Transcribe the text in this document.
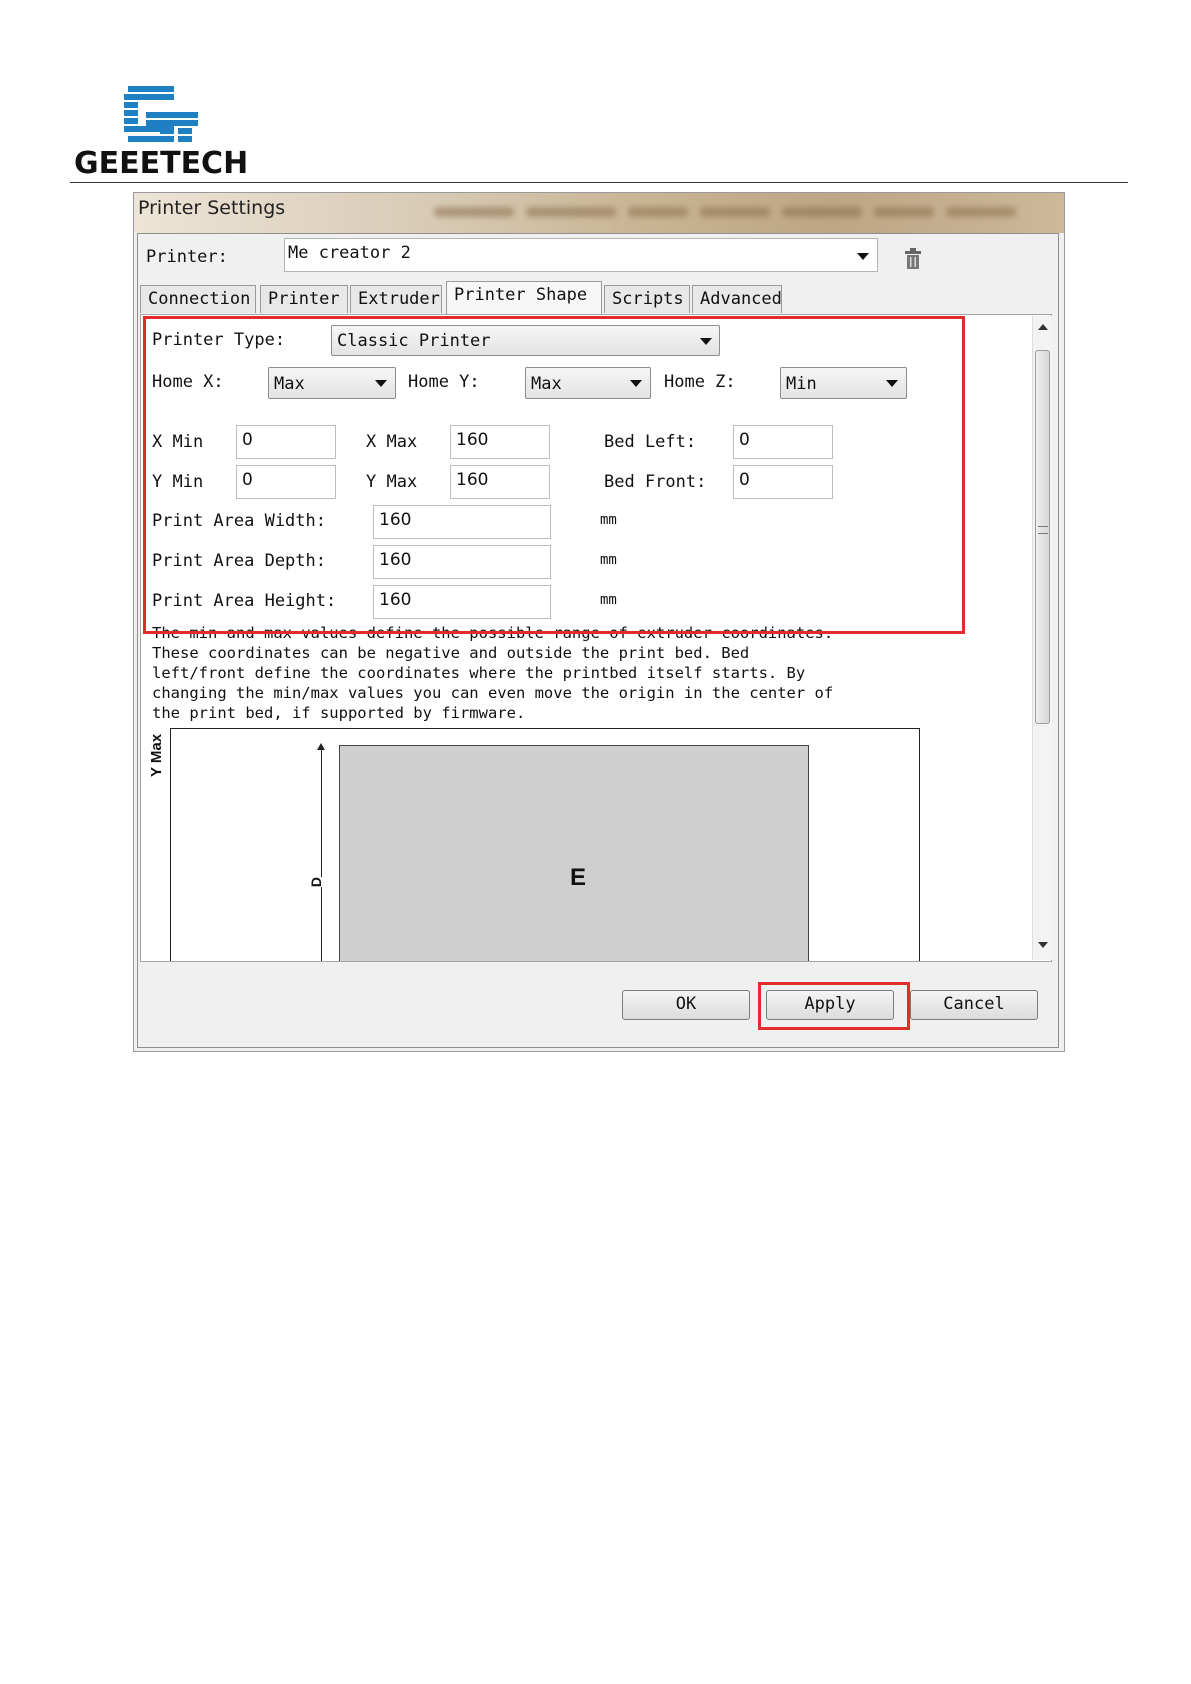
GEEETECH
Printer Settings
Printer:	Me creator 2
Connection	Printer	Extruder Printer Shape	Scripts Advanced
The min and max values define the possible range of extruder coordinates.
These coordinates can be negative and outside the print bed. Bed
left/front define the coordinates where the printbed itself starts. By
changing the min/max values you can even move the origin in the center of
the print bed, if supported by firmware.
E
D
Y Max
Printer Type:	Classic Printer
Home X:	Max	Home Y:	Max	Home Z:	Min
X Min	0	X Max	160	Bed Left:	0
Y Min	0	Y Max	160	Bed Front:	0
Print Area Width:	160	mm
Print Area Depth:	160	mm
Print Area Height:	160	mm
OK	Apply	Cancel
